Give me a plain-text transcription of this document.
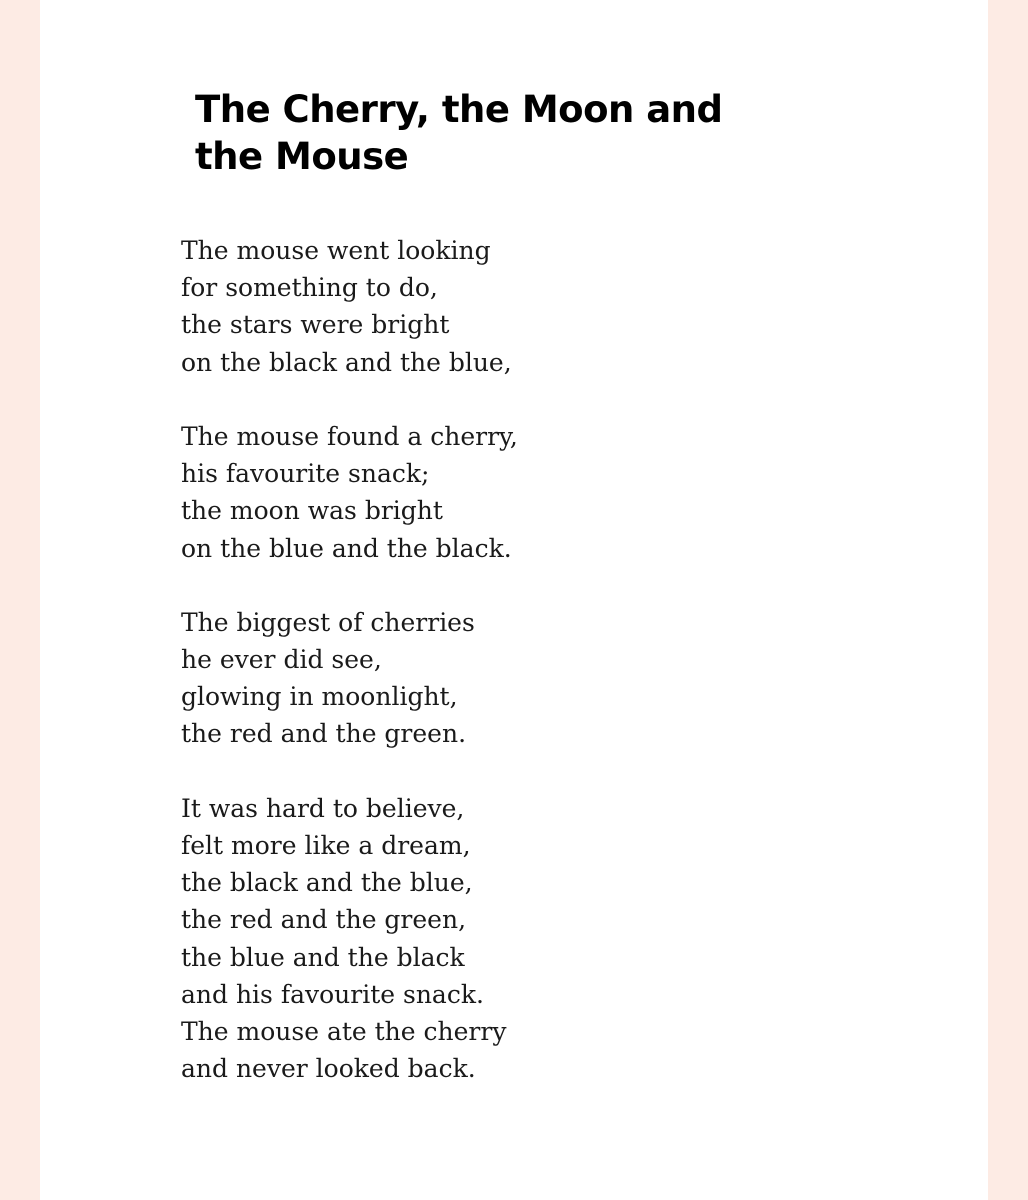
The Cherry, the Moon and
the Mouse
The mouse went looking
for something to do,
the stars were bright
on the black and the blue,
The mouse found a cherry,
his favourite snack;
the moon was bright
on the blue and the black.
The biggest of cherries
he ever did see,
glowing in moonlight,
the red and the green.
It was hard to believe,
felt more like a dream,
the black and the blue,
the red and the green,
the blue and the black
and his favourite snack.
The mouse ate the cherry
and never looked back.
